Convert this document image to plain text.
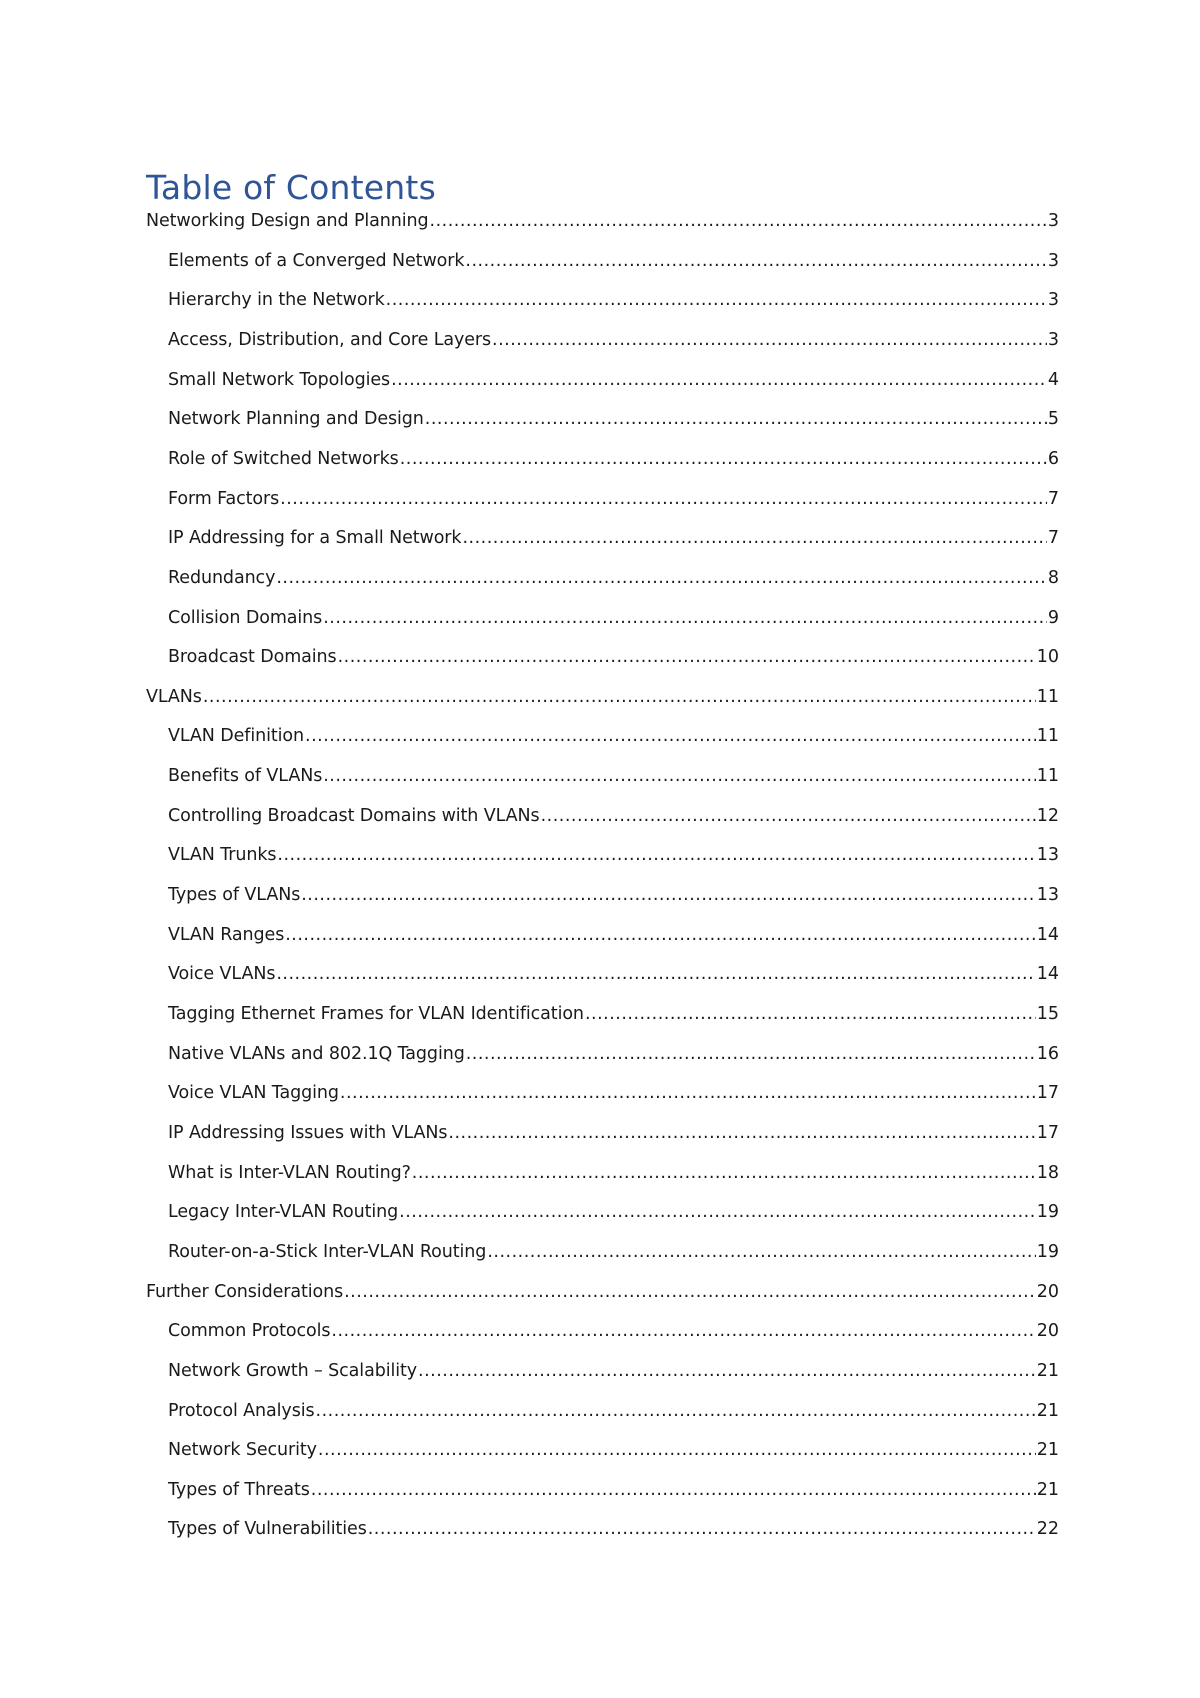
Table of Contents
Networking Design and Planning .....	3
Elements of a Converged Network .....	3
Hierarchy in the Network .....	3
Access, Distribution, and Core Layers .....	3
Small Network Topologies .....	4
Network Planning and Design .....	5
Role of Switched Networks .....	6
Form Factors .....	7
IP Addressing for a Small Network .....	7
Redundancy .....	8
Collision Domains .....	9
Broadcast Domains .....	10
VLANs .....	11
VLAN Definition .....	11
Benefits of VLANs .....	11
Controlling Broadcast Domains with VLANs .....	12
VLAN Trunks .....	13
Types of VLANs .....	13
VLAN Ranges .....	14
Voice VLANs .....	14
Tagging Ethernet Frames for VLAN Identification .....	15
Native VLANs and 802.1Q Tagging .....	16
Voice VLAN Tagging .....	17
IP Addressing Issues with VLANs .....	17
What is Inter-VLAN Routing? .....	18
Legacy Inter-VLAN Routing .....	19
Router-on-a-Stick Inter-VLAN Routing .....	19
Further Considerations .....	20
Common Protocols .....	20
Network Growth – Scalability .....	21
Protocol Analysis .....	21
Network Security .....	21
Types of Threats .....	21
Types of Vulnerabilities .....	22
